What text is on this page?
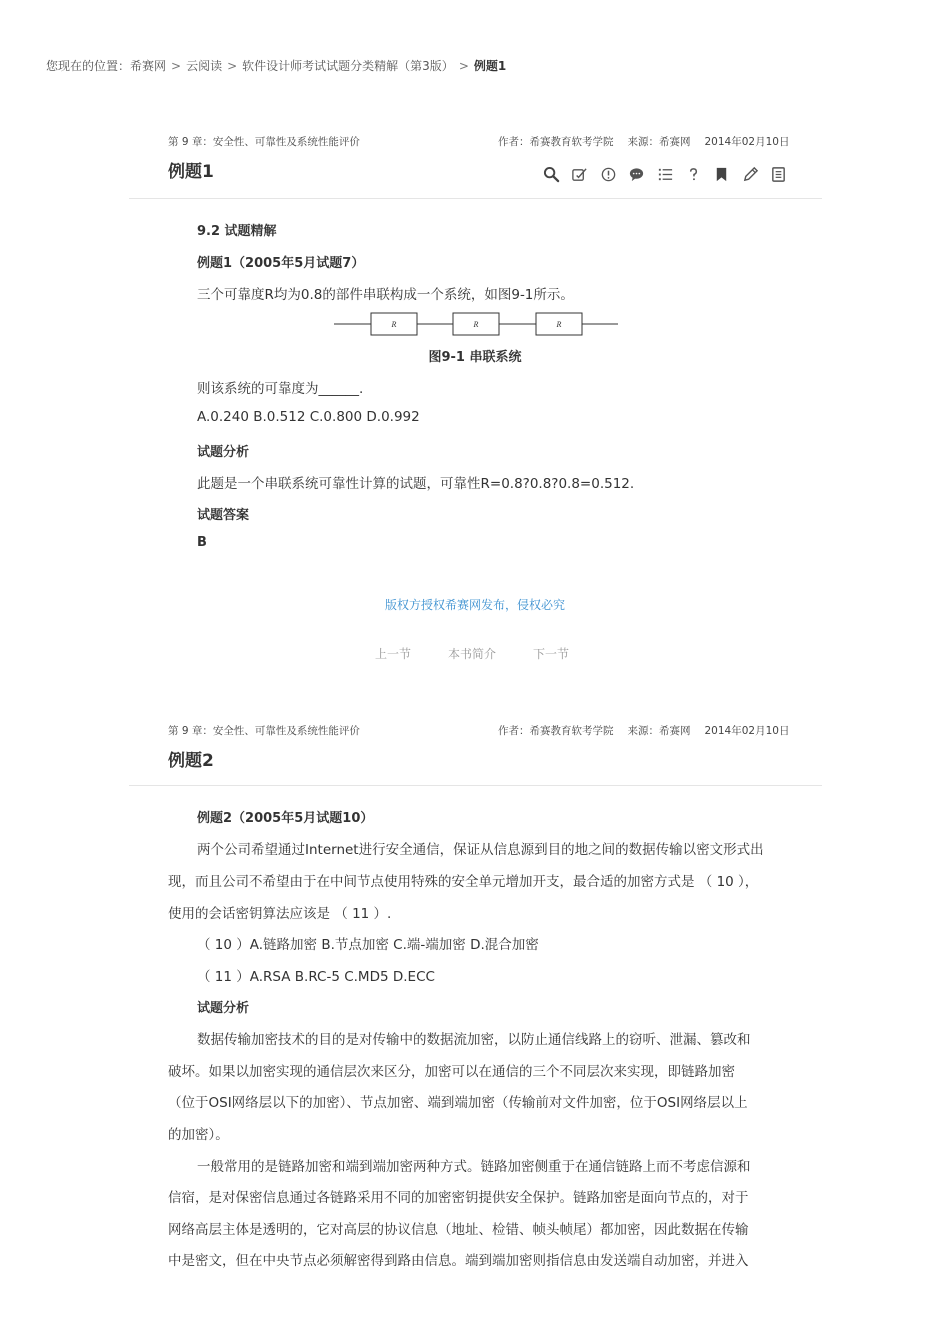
您现在的位置：希赛网 > 云阅读 > 软件设计师考试试题分类精解（第3版） > 例题1
第 9 章：安全性、可靠性及系统性能评价	作者：希赛教育软考学院 来源：希赛网 2014年02月10日
例题1
9.2 试题精解
例题1（2005年5月试题7）
三个可靠度R均为0.8的部件串联构成一个系统，如图9-1所示。
R	R	R
图9-1 串联系统
则该系统的可靠度为______.
A.0.240 B.0.512 C.0.800 D.0.992
试题分析
此题是一个串联系统可靠性计算的试题，可靠性R=0.8?0.8?0.8=0.512.
试题答案
B
版权方授权希赛网发布，侵权必究
上一节	本书简介	下一节
第 9 章：安全性、可靠性及系统性能评价	作者：希赛教育软考学院 来源：希赛网 2014年02月10日
例题2
例题2（2005年5月试题10）
两个公司希望通过Internet进行安全通信，保证从信息源到目的地之间的数据传输以密文形式出
现，而且公司不希望由于在中间节点使用特殊的安全单元增加开支，最合适的加密方式是 （ 10 ），
使用的会话密钥算法应该是 （ 11 ）.
（ 10 ）A.链路加密 B.节点加密 C.端-端加密 D.混合加密
（ 11 ）A.RSA B.RC-5 C.MD5 D.ECC
试题分析
数据传输加密技术的目的是对传输中的数据流加密，以防止通信线路上的窃听、泄漏、篡改和
破坏。如果以加密实现的通信层次来区分，加密可以在通信的三个不同层次来实现，即链路加密
（位于OSI网络层以下的加密）、节点加密、端到端加密（传输前对文件加密，位于OSI网络层以上
的加密）。
一般常用的是链路加密和端到端加密两种方式。链路加密侧重于在通信链路上而不考虑信源和
信宿，是对保密信息通过各链路采用不同的加密密钥提供安全保护。链路加密是面向节点的，对于
网络高层主体是透明的，它对高层的协议信息（地址、检错、帧头帧尾）都加密，因此数据在传输
中是密文，但在中央节点必须解密得到路由信息。端到端加密则指信息由发送端自动加密，并进入
